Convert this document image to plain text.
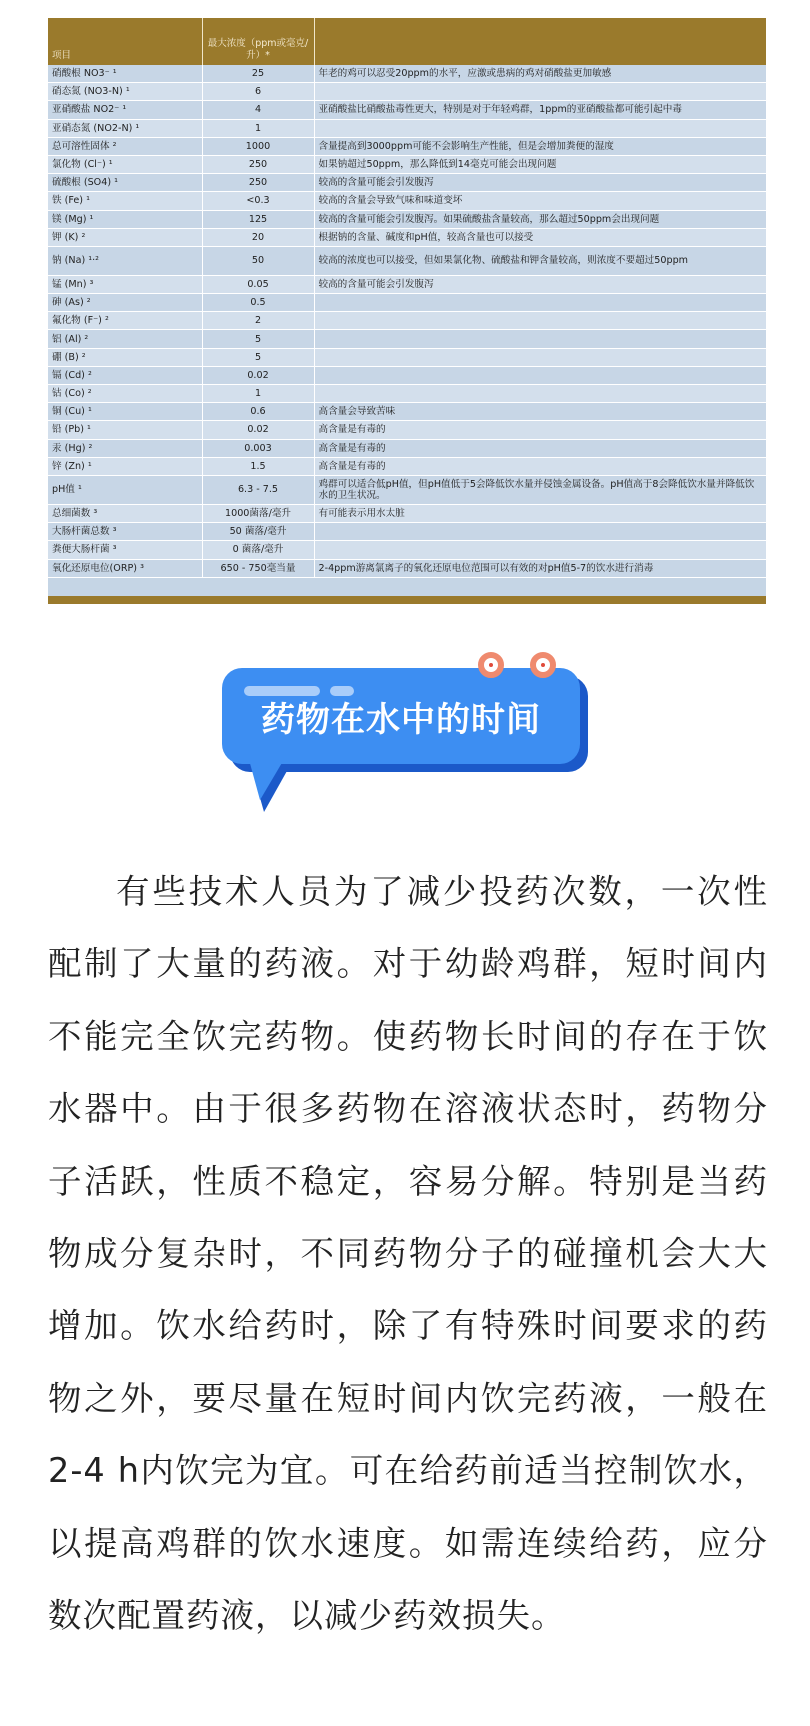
项目	最大浓度（ppm或毫克/升）*	
硝酸根 NO3⁻ ¹	25	年老的鸡可以忍受20ppm的水平，应激或患病的鸡对硝酸盐更加敏感
硝态氮 (NO3-N) ¹	6	
亚硝酸盐 NO2⁻ ¹	4	亚硝酸盐比硝酸盐毒性更大，特别是对于年轻鸡群，1ppm的亚硝酸盐都可能引起中毒
亚硝态氮 (NO2-N) ¹	1	
总可溶性固体 ²	1000	含量提高到3000ppm可能不会影响生产性能，但是会增加粪便的湿度
氯化物 (Cl⁻) ¹	250	如果钠超过50ppm，那么降低到14毫克可能会出现问题
硫酸根 (SO4) ¹	250	较高的含量可能会引发腹泻
铁 (Fe) ¹	<0.3	较高的含量会导致气味和味道变坏
镁 (Mg) ¹	125	较高的含量可能会引发腹泻。如果硫酸盐含量较高，那么超过50ppm会出现问题
钾 (K) ²	20	根据钠的含量、碱度和pH值，较高含量也可以接受
钠 (Na) ¹·²	50	较高的浓度也可以接受，但如果氯化物、硫酸盐和钾含量较高，则浓度不要超过50ppm
锰 (Mn) ³	0.05	较高的含量可能会引发腹泻
砷 (As) ²	0.5	
氟化物 (F⁻) ²	2	
铝 (Al) ²	5	
硼 (B) ²	5	
镉 (Cd) ²	0.02	
钴 (Co) ²	1	
铜 (Cu) ¹	0.6	高含量会导致苦味
铅 (Pb) ¹	0.02	高含量是有毒的
汞 (Hg) ²	0.003	高含量是有毒的
锌 (Zn) ¹	1.5	高含量是有毒的
pH值 ¹	6.3 - 7.5	鸡群可以适合低pH值，但pH值低于5会降低饮水量并侵蚀金属设备。pH值高于8会降低饮水量并降低饮水的卫生状况。
总细菌数 ³	1000菌落/毫升	有可能表示用水太脏
大肠杆菌总数 ³	50 菌落/毫升	
粪便大肠杆菌 ³	0 菌落/毫升	
氧化还原电位(ORP) ³	650 - 750毫当量	2-4ppm游离氯离子的氧化还原电位范围可以有效的对pH值5-7的饮水进行消毒
药物在水中的时间

有些技术人员为了减少投药次数，一次性配制了大量的药液。对于幼龄鸡群，短时间内不能完全饮完药物。使药物长时间的存在于饮水器中。由于很多药物在溶液状态时，药物分子活跃，性质不稳定，容易分解。特别是当药物成分复杂时，不同药物分子的碰撞机会大大增加。饮水给药时，除了有特殊时间要求的药物之外，要尽量在短时间内饮完药液，一般在2-4 h内饮完为宜。可在给药前适当控制饮水，以提高鸡群的饮水速度。如需连续给药，应分数次配置药液，以减少药效损失。
